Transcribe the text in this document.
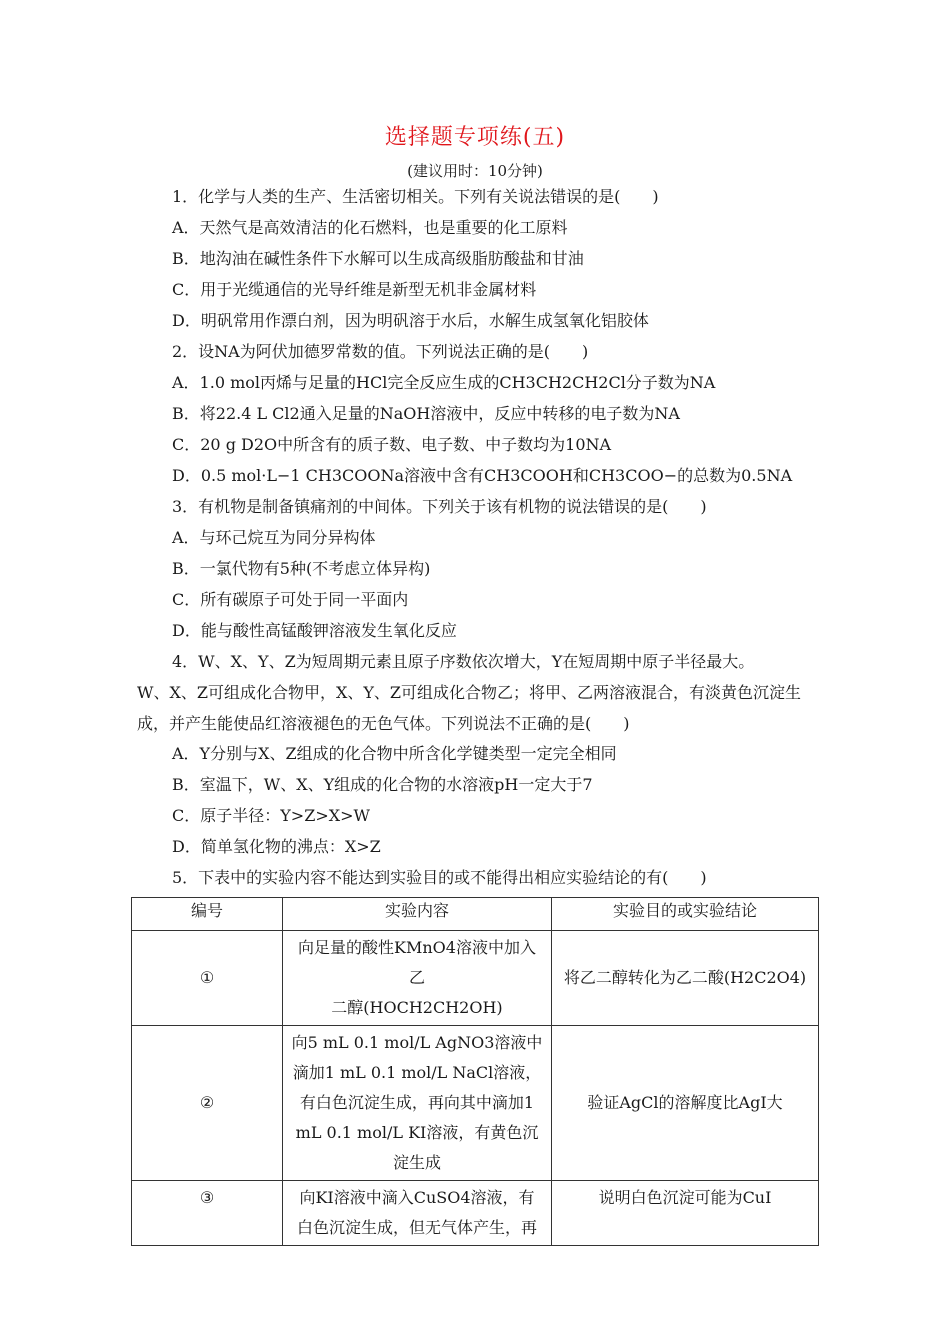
选择题专项练(五)
(建议用时：10分钟)
1．化学与人类的生产、生活密切相关。下列有关说法错误的是(　　)
A．天然气是高效清洁的化石燃料，也是重要的化工原料
B．地沟油在碱性条件下水解可以生成高级脂肪酸盐和甘油
C．用于光缆通信的光导纤维是新型无机非金属材料
D．明矾常用作漂白剂，因为明矾溶于水后，水解生成氢氧化铝胶体
2．设NA为阿伏加德罗常数的值。下列说法正确的是(　　)
A．1.0 mol丙烯与足量的HCl完全反应生成的CH3CH2CH2Cl分子数为NA
B．将22.4 L Cl2通入足量的NaOH溶液中，反应中转移的电子数为NA
C．20 g D2O中所含有的质子数、电子数、中子数均为10NA
D．0.5 mol·L−1 CH3COONa溶液中含有CH3COOH和CH3COO−的总数为0.5NA
3．有机物是制备镇痛剂的中间体。下列关于该有机物的说法错误的是(　　)
A．与环己烷互为同分异构体
B．一氯代物有5种(不考虑立体异构)
C．所有碳原子可处于同一平面内
D．能与酸性高锰酸钾溶液发生氧化反应
4．W、X、Y、Z为短周期元素且原子序数依次增大，Y在短周期中原子半径最大。
W、X、Z可组成化合物甲，X、Y、Z可组成化合物乙；将甲、乙两溶液混合，有淡黄色沉淀生
成，并产生能使品红溶液褪色的无色气体。下列说法不正确的是(　　)
A．Y分别与X、Z组成的化合物中所含化学键类型一定完全相同
B．室温下，W、X、Y组成的化合物的水溶液pH一定大于7
C．原子半径：Y>Z>X>W
D．简单氢化物的沸点：X>Z
5．下表中的实验内容不能达到实验目的或不能得出相应实验结论的有(　　)
编号	实验内容	实验目的或实验结论
①	向足量的酸性KMnO4溶液中加入乙
二醇(HOCH2CH2OH)	将乙二醇转化为乙二酸(H2C2O4)
②	向5 mL 0.1 mol/L AgNO3溶液中
滴加1 mL 0.1 mol/L NaCl溶液，
有白色沉淀生成，再向其中滴加1
mL 0.1 mol/L KI溶液，有黄色沉
淀生成	验证AgCl的溶解度比AgI大
③	向KI溶液中滴入CuSO4溶液，有
白色沉淀生成，但无气体产生，再	说明白色沉淀可能为CuI
